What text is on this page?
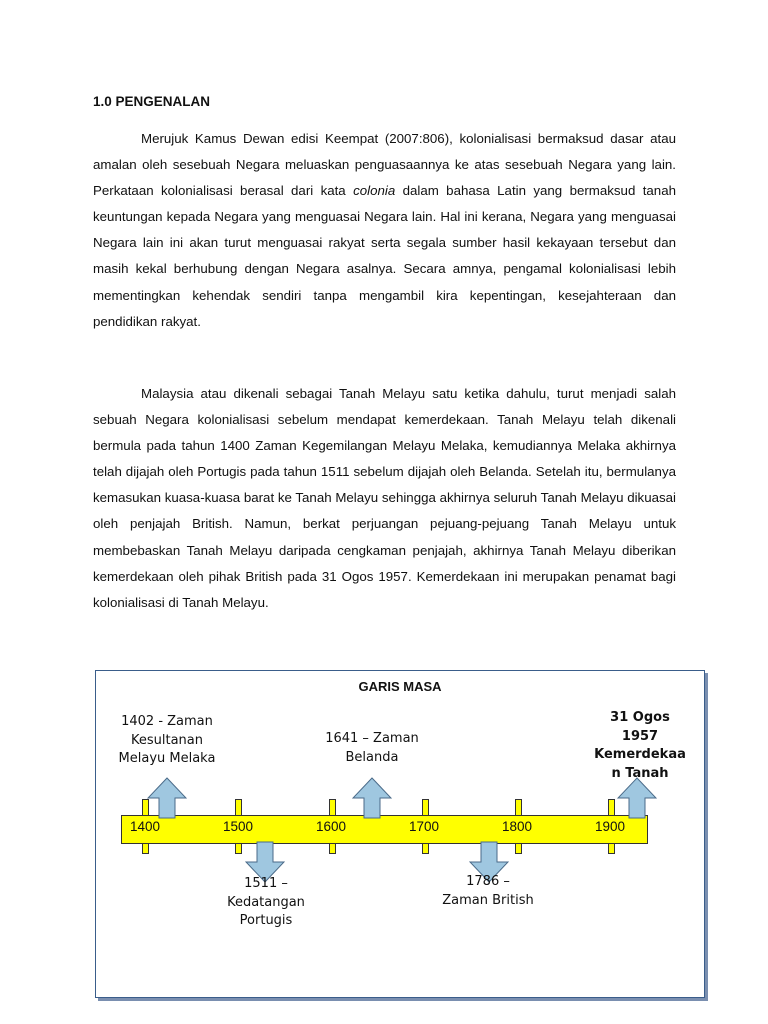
1.0 PENGENALAN

Merujuk Kamus Dewan edisi Keempat (2007:806), kolonialisasi bermaksud dasar atau amalan oleh sesebuah Negara meluaskan penguasaannya ke atas sesebuah Negara yang lain. Perkataan kolonialisasi berasal dari kata colonia dalam bahasa Latin yang bermaksud tanah keuntungan kepada Negara yang menguasai Negara lain. Hal ini kerana, Negara yang menguasai Negara lain ini akan turut menguasai rakyat serta segala sumber hasil kekayaan tersebut dan masih kekal berhubung dengan Negara asalnya. Secara amnya, pengamal kolonialisasi lebih mementingkan kehendak sendiri tanpa mengambil kira kepentingan, kesejahteraan dan pendidikan rakyat.

Malaysia atau dikenali sebagai Tanah Melayu satu ketika dahulu, turut menjadi salah sebuah Negara kolonialisasi sebelum mendapat kemerdekaan. Tanah Melayu telah dikenali bermula pada tahun 1400 Zaman Kegemilangan Melayu Melaka, kemudiannya Melaka akhirnya telah dijajah oleh Portugis pada tahun 1511 sebelum dijajah oleh Belanda. Setelah itu, bermulanya kemasukan kuasa-kuasa barat ke Tanah Melayu sehingga akhirnya seluruh Tanah Melayu dikuasai oleh penjajah British. Namun, berkat perjuangan pejuang-pejuang Tanah Melayu untuk membebaskan Tanah Melayu daripada cengkaman penjajah, akhirnya Tanah Melayu diberikan kemerdekaan oleh pihak British pada 31 Ogos 1957. Kemerdekaan ini merupakan penamat bagi kolonialisasi di Tanah Melayu.

GARIS MASA
1400	1500	1600	1700	1800	1900
1402 - Zaman
Kesultanan
Melayu Melaka
1641 – Zaman
Belanda
31 Ogos
1957
Kemerdekaa
n Tanah
1511 –
Kedatangan
Portugis
1786 –
Zaman British
